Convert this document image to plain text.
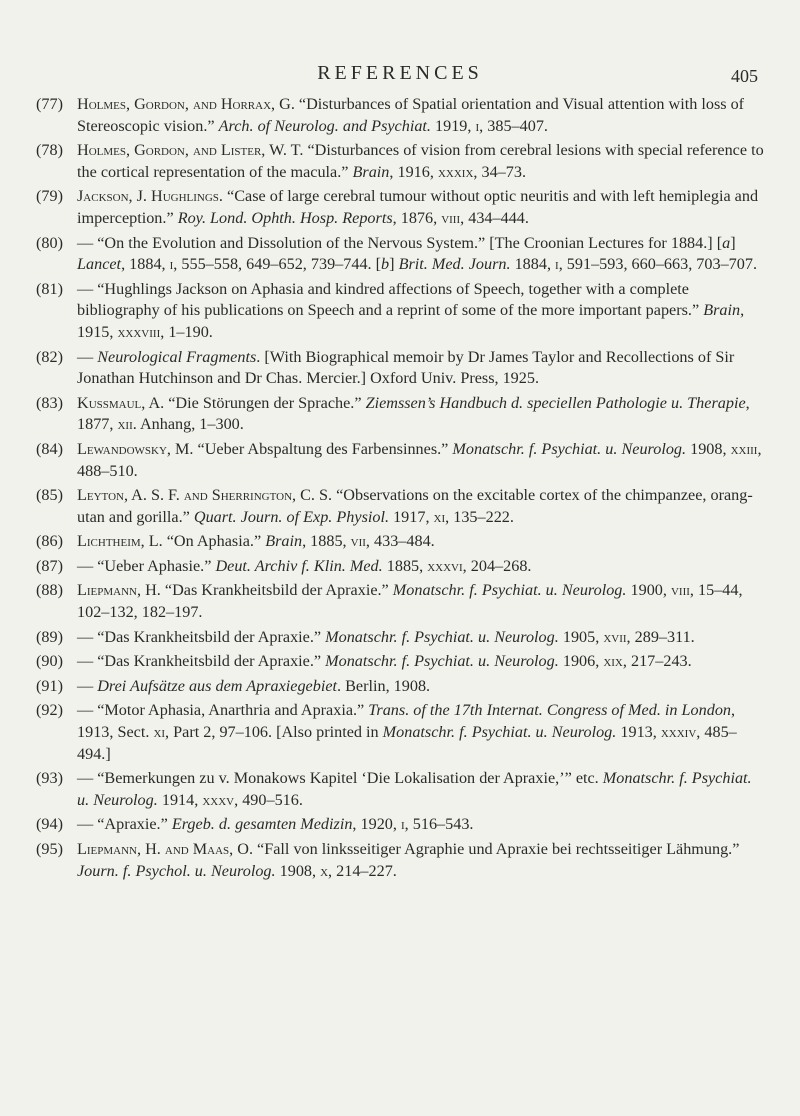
REFERENCES	405
(77) Holmes, Gordon, and Horrax, G. “Disturbances of Spatial orientation and Visual attention with loss of Stereoscopic vision.” Arch. of Neurolog. and Psychiat. 1919, i, 385–407.
(78) Holmes, Gordon, and Lister, W. T. “Disturbances of vision from cerebral lesions with special reference to the cortical representation of the macula.” Brain, 1916, xxxix, 34–73.
(79) Jackson, J. Hughlings. “Case of large cerebral tumour without optic neuritis and with left hemiplegia and imperception.” Roy. Lond. Ophth. Hosp. Reports, 1876, viii, 434–444.
(80) — “On the Evolution and Dissolution of the Nervous System.” [The Croonian Lectures for 1884.] [a] Lancet, 1884, i, 555–558, 649–652, 739–744. [b] Brit. Med. Journ. 1884, i, 591–593, 660–663, 703–707.
(81) — “Hughlings Jackson on Aphasia and kindred affections of Speech, together with a complete bibliography of his publications on Speech and a reprint of some of the more important papers.” Brain, 1915, xxxviii, 1–190.
(82) — Neurological Fragments. [With Biographical memoir by Dr James Taylor and Recollections of Sir Jonathan Hutchinson and Dr Chas. Mercier.] Oxford Univ. Press, 1925.
(83) Kussmaul, A. “Die Störungen der Sprache.” Ziemssen’s Handbuch d. speciellen Pathologie u. Therapie, 1877, xii. Anhang, 1–300.
(84) Lewandowsky, M. “Ueber Abspaltung des Farbensinnes.” Monatschr. f. Psychiat. u. Neurolog. 1908, xxiii, 488–510.
(85) Leyton, A. S. F. and Sherrington, C. S. “Observations on the excitable cortex of the chimpanzee, orang-utan and gorilla.” Quart. Journ. of Exp. Physiol. 1917, xi, 135–222.
(86) Lichtheim, L. “On Aphasia.” Brain, 1885, vii, 433–484.
(87) — “Ueber Aphasie.” Deut. Archiv f. Klin. Med. 1885, xxxvi, 204–268.
(88) Liepmann, H. “Das Krankheitsbild der Apraxie.” Monatschr. f. Psychiat. u. Neurolog. 1900, viii, 15–44, 102–132, 182–197.
(89) — “Das Krankheitsbild der Apraxie.” Monatschr. f. Psychiat. u. Neurolog. 1905, xvii, 289–311.
(90) — “Das Krankheitsbild der Apraxie.” Monatschr. f. Psychiat. u. Neurolog. 1906, xix, 217–243.
(91) — Drei Aufsätze aus dem Apraxiegebiet. Berlin, 1908.
(92) — “Motor Aphasia, Anarthria and Apraxia.” Trans. of the 17th Internat. Congress of Med. in London, 1913, Sect. xi, Part 2, 97–106. [Also printed in Monatschr. f. Psychiat. u. Neurolog. 1913, xxxiv, 485–494.]
(93) — “Bemerkungen zu v. Monakows Kapitel ‘Die Lokalisation der Apraxie,’” etc. Monatschr. f. Psychiat. u. Neurolog. 1914, xxxv, 490–516.
(94) — “Apraxie.” Ergeb. d. gesamten Medizin, 1920, i, 516–543.
(95) Liepmann, H. and Maas, O. “Fall von linksseitiger Agraphie und Apraxie bei rechtsseitiger Lähmung.” Journ. f. Psychol. u. Neurolog. 1908, x, 214–227.
